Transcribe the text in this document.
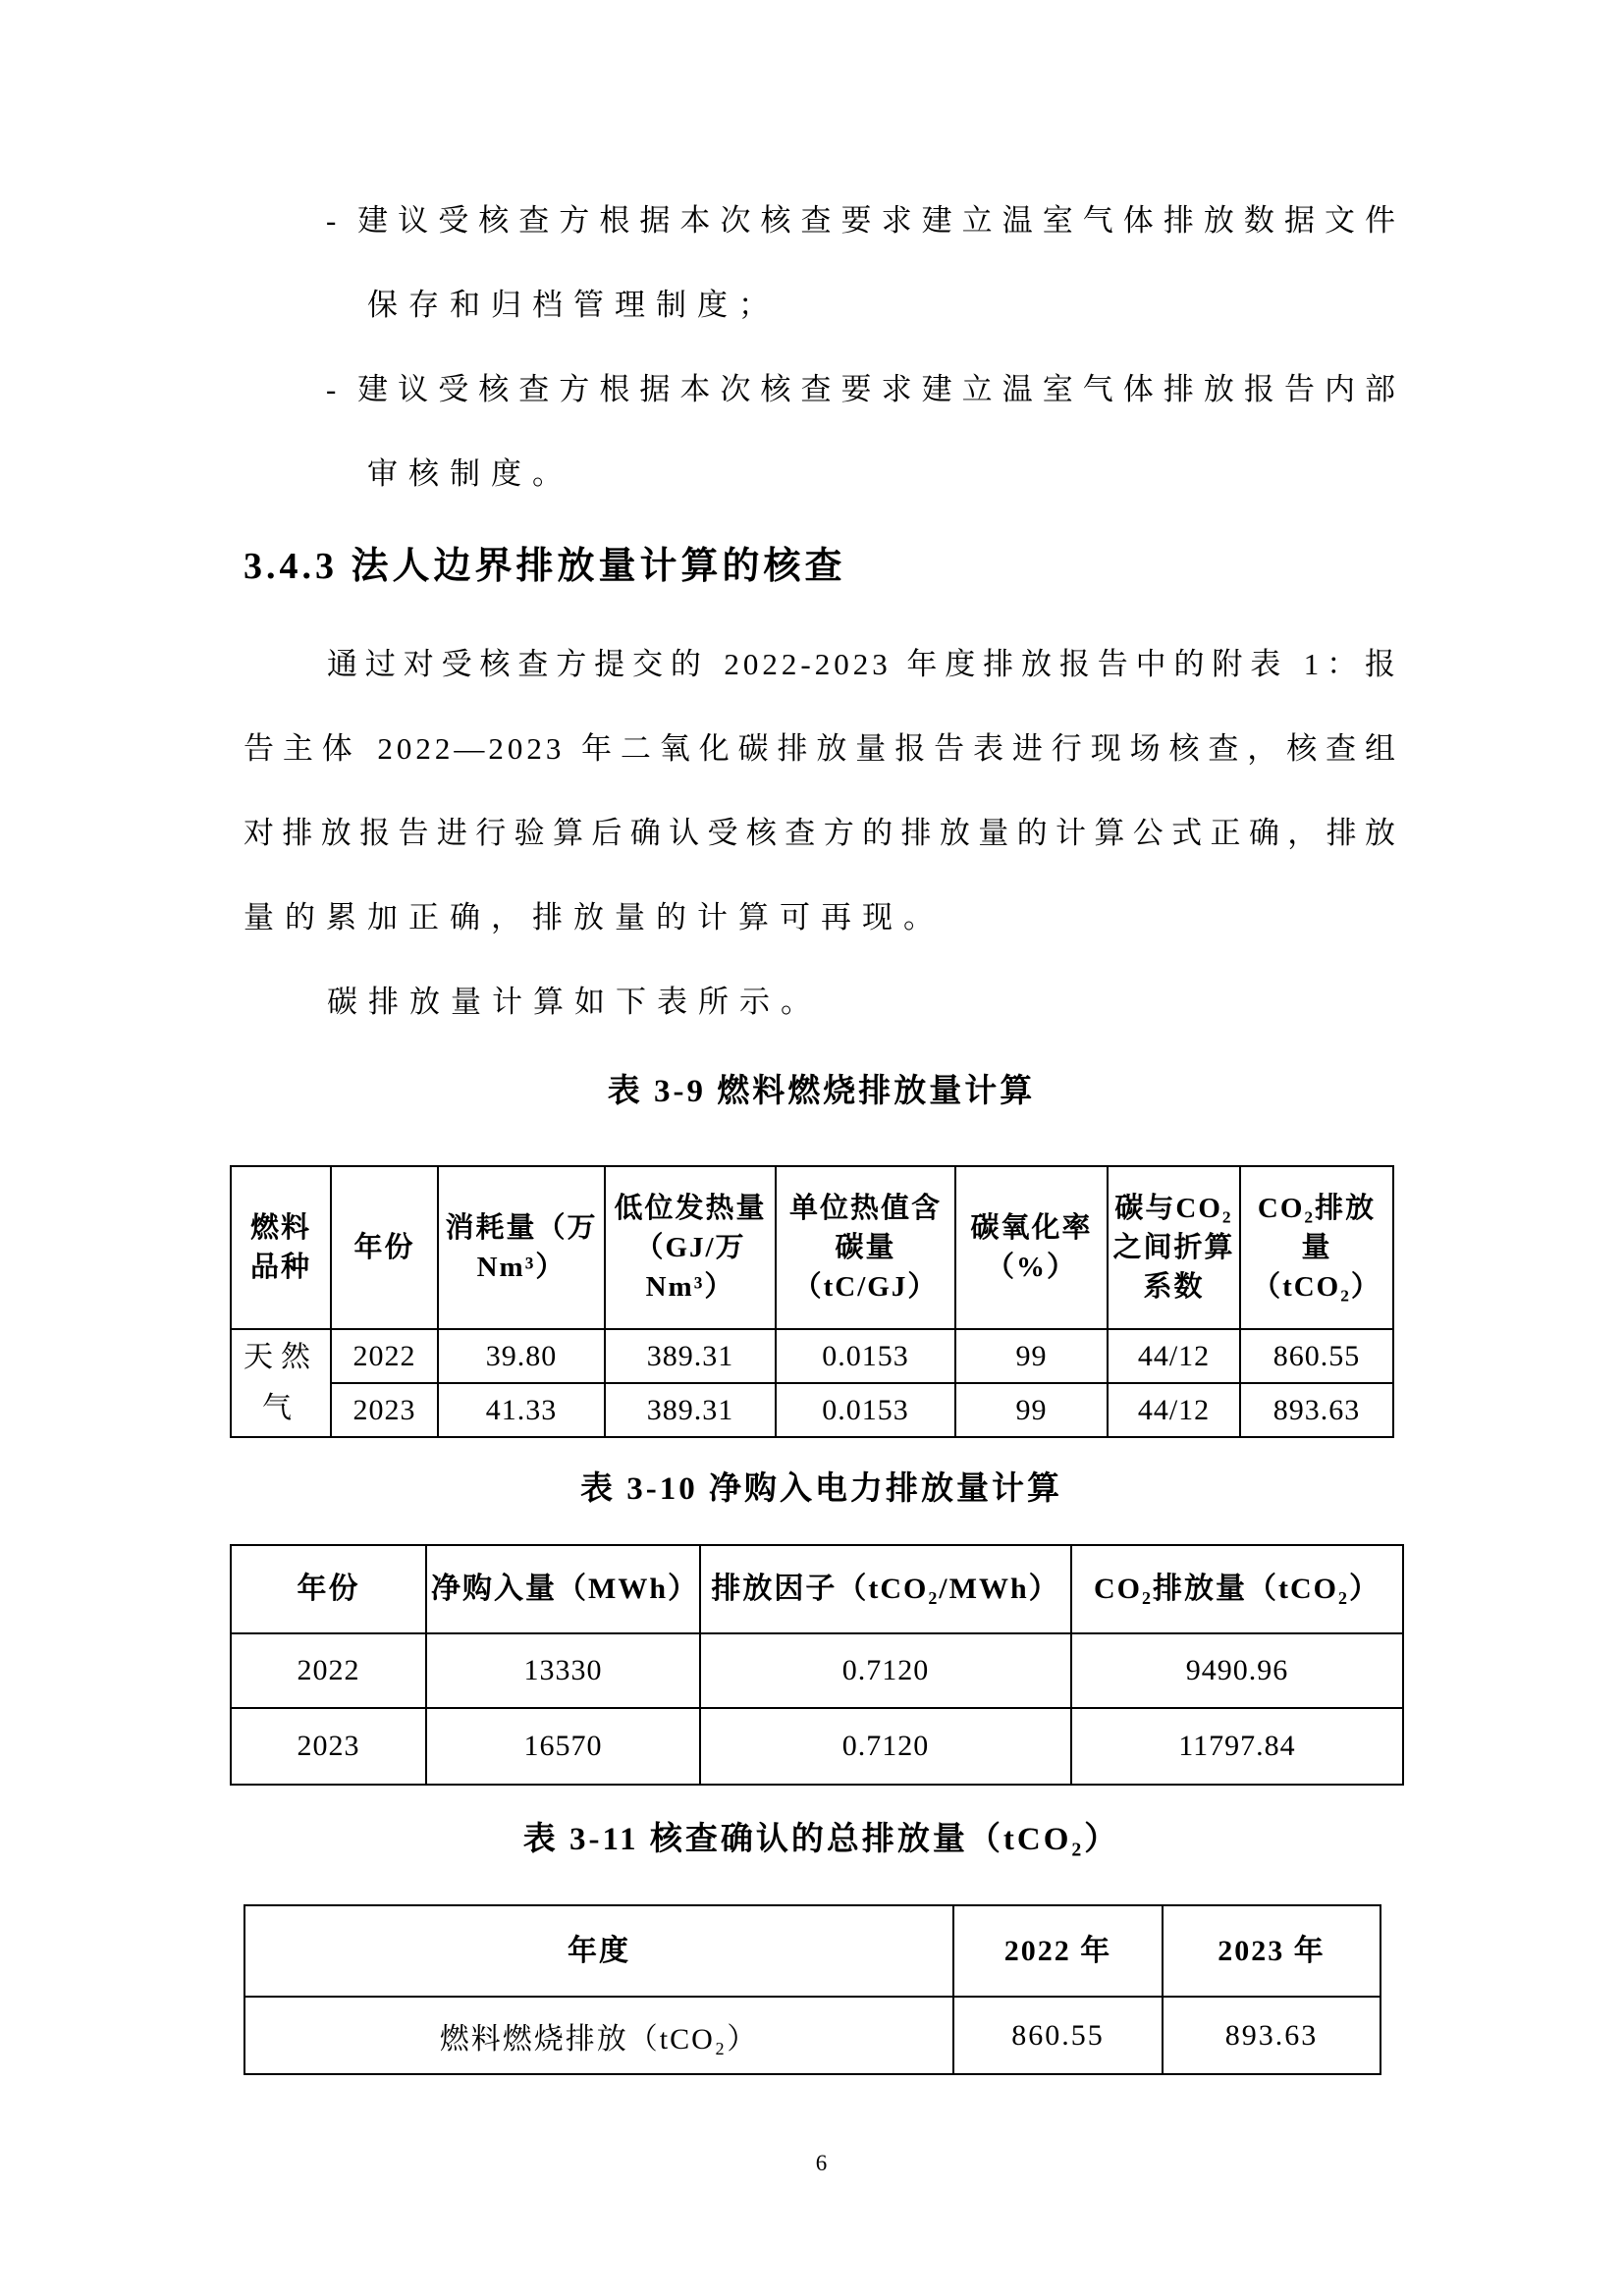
- 建议受核查方根据本次核查要求建立温室气体排放数据文件
保存和归档管理制度；
- 建议受核查方根据本次核查要求建立温室气体排放报告内部
审核制度。
3.4.3 法人边界排放量计算的核查
通过对受核查方提交的 2022-2023 年度排放报告中的附表 1：报
告主体 2022—2023 年二氧化碳排放量报告表进行现场核查，核查组
对排放报告进行验算后确认受核查方的排放量的计算公式正确，排放
量的累加正确，排放量的计算可再现。
碳排放量计算如下表所示。
表 3-9 燃料燃烧排放量计算
燃料品种	年份	消耗量（万 Nm³）	低位发热量（GJ/万 Nm³）	单位热值含碳量（tC/GJ）	碳氧化率（%）	碳与CO₂之间折算系数	CO₂排放量（tCO₂）
天然气	2022	39.80	389.31	0.0153	99	44/12	860.55
	2023	41.33	389.31	0.0153	99	44/12	893.63
表 3-10 净购入电力排放量计算
年份	净购入量（MWh）	排放因子（tCO₂/MWh）	CO₂排放量（tCO₂）
2022	13330	0.7120	9490.96
2023	16570	0.7120	11797.84
表 3-11 核查确认的总排放量（tCO₂）
年度	2022 年	2023 年
燃料燃烧排放（tCO₂）	860.55	893.63
6
